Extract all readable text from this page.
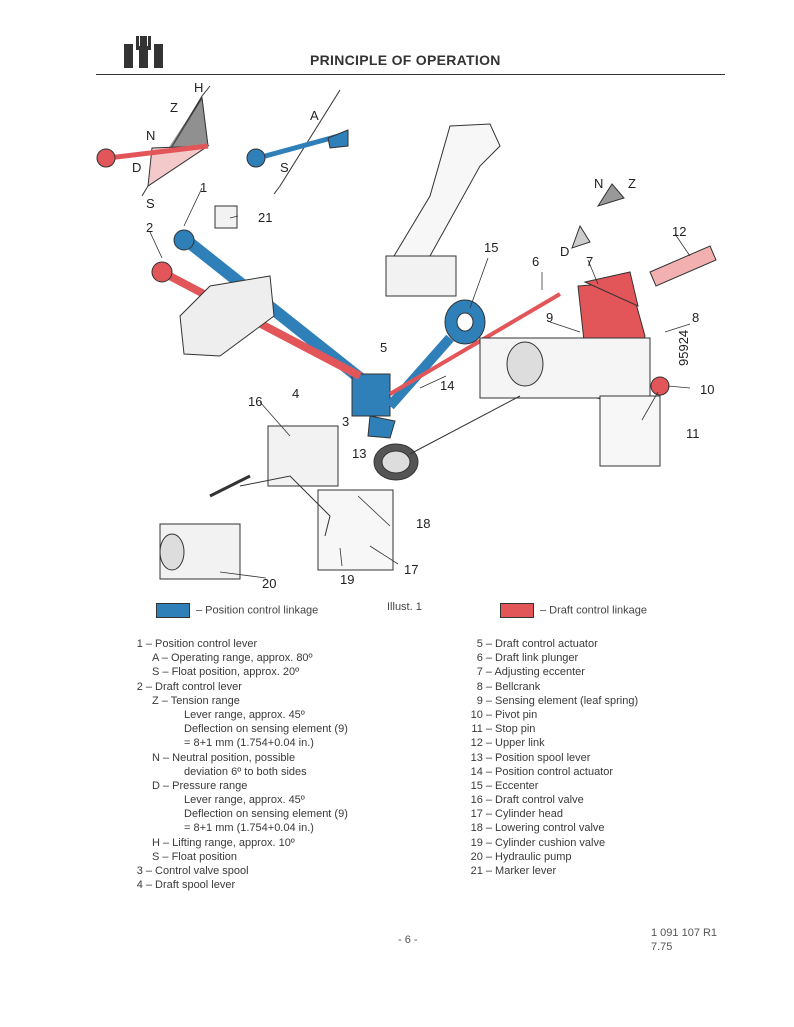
PRINCIPLE OF OPERATION
H
Z
N
D
S
A
S
N Z
D
95924
1
2
3
4
5
6	7
8
9
10
11
12
13
14
15
16
17
18
19
20
21
– Position control linkage	Illust. 1	– Draft control linkage
1 – Position control lever
A – Operating range, approx. 80º
S – Float position, approx. 20º
2 – Draft control lever
Z – Tension range
Lever range, approx. 45º
Deflection on sensing element (9)
= 8+1 mm (1.754+0.04 in.)
N – Neutral position, possible
deviation 6º to both sides
D – Pressure range
Lever range, approx. 45º
Deflection on sensing element (9)
= 8+1 mm (1.754+0.04 in.)
H – Lifting range, approx. 10º
S – Float position
3 – Control valve spool
4 – Draft spool lever
5 – Draft control actuator
6 – Draft link plunger
7 – Adjusting eccenter
8 – Bellcrank
9 – Sensing element (leaf spring)
10 – Pivot pin
11 – Stop pin
12 – Upper link
13 – Position spool lever
14 – Position control actuator
15 – Eccenter
16 – Draft control valve
17 – Cylinder head
18 – Lowering control valve
19 – Cylinder cushion valve
20 – Hydraulic pump
21 – Marker lever
- 6 -
1 091 107 R1
7.75
